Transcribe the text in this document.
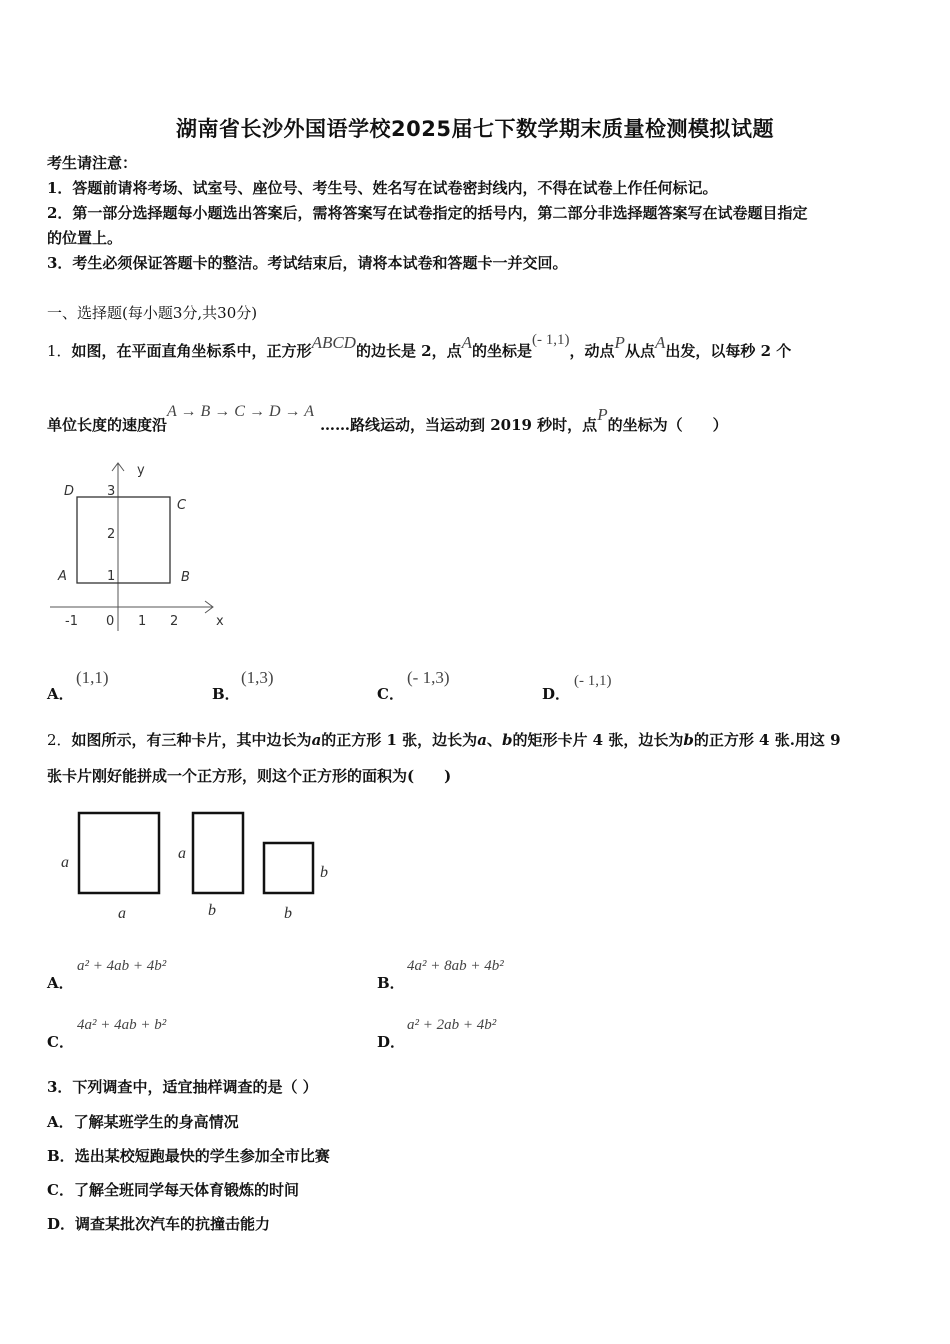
湖南省长沙外国语学校2025届七下数学期末质量检测模拟试题
考生请注意：
1．答题前请将考场、试室号、座位号、考生号、姓名写在试卷密封线内，不得在试卷上作任何标记。
2．第一部分选择题每小题选出答案后，需将答案写在试卷指定的括号内，第二部分非选择题答案写在试卷题目指定
的位置上。
3．考生必须保证答题卡的整洁。考试结束后，请将本试卷和答题卡一并交回。
一、选择题(每小题3分,共30分)
1．如图，在平面直角坐标系中，正方形ABCD的边长是 2，点A的坐标是(- 1,1)，动点P从点A出发，以每秒 2 个
单位长度的速度沿A → B → C → D → A……路线运动，当运动到 2019 秒时，点P的坐标为（　　）
y
x
-1 0 1 2
3
2
1
D
C
A	B
A．
(1,1)
B．
(1,3)
C．
(- 1,3)
D．
(- 1,1)
2．如图所示，有三种卡片，其中边长为a的正方形 1 张，边长为a、b的矩形卡片 4 张，边长为b的正方形 4 张.用这 9
张卡片刚好能拼成一个正方形，则这个正方形的面积为(　　)
a
a
a
b
b
b
A．
a² + 4ab + 4b²
B．
4a² + 8ab + 4b²
C．
4a² + 4ab + b²
D．
a² + 2ab + 4b²
3．下列调查中，适宜抽样调查的是（ ）
A．了解某班学生的身高情况
B．选出某校短跑最快的学生参加全市比赛
C．了解全班同学每天体育锻炼的时间
D．调查某批次汽车的抗撞击能力
